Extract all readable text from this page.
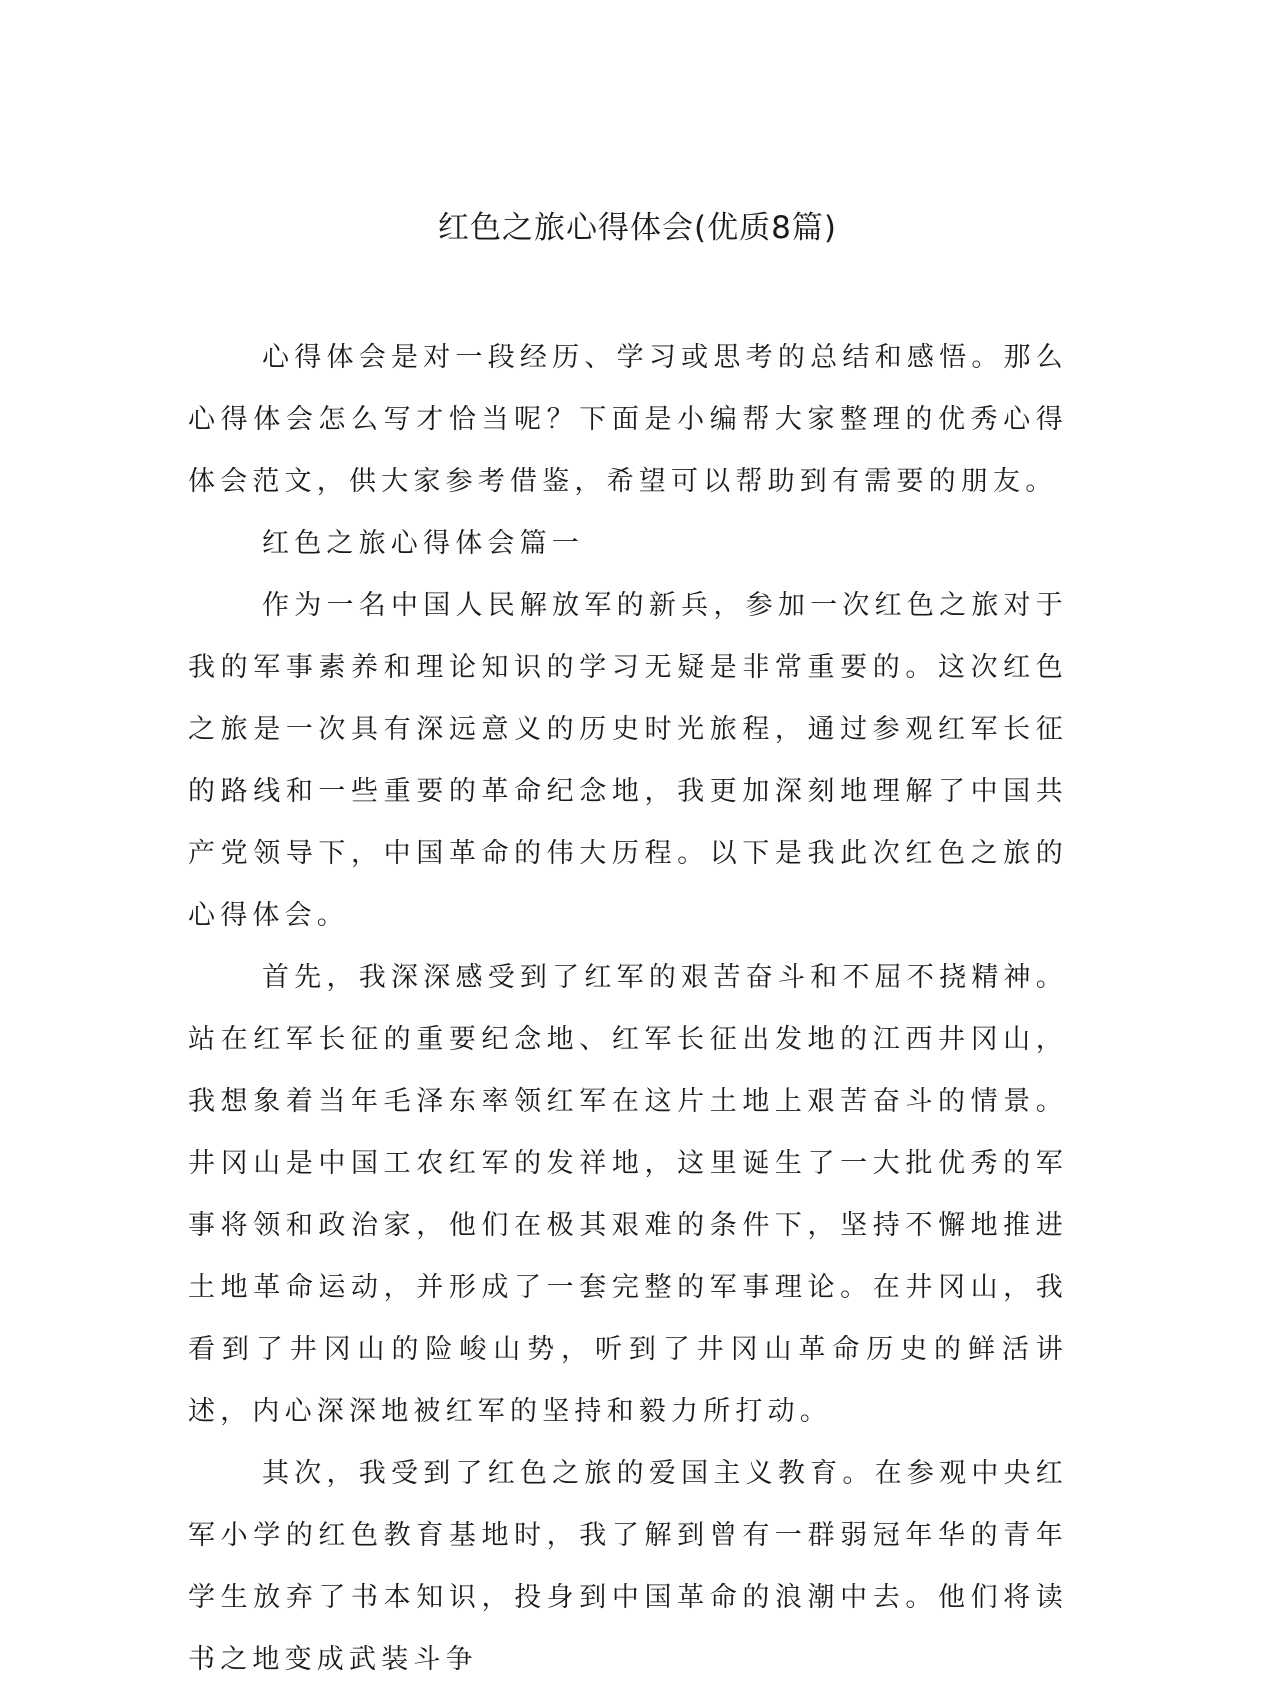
红色之旅心得体会(优质8篇)

心得体会是对一段经历、学习或思考的总结和感悟。那么心得体会怎么写才恰当呢？下面是小编帮大家整理的优秀心得体会范文，供大家参考借鉴，希望可以帮助到有需要的朋友。

红色之旅心得体会篇一

作为一名中国人民解放军的新兵，参加一次红色之旅对于我的军事素养和理论知识的学习无疑是非常重要的。这次红色之旅是一次具有深远意义的历史时光旅程，通过参观红军长征的路线和一些重要的革命纪念地，我更加深刻地理解了中国共产党领导下，中国革命的伟大历程。以下是我此次红色之旅的心得体会。

首先，我深深感受到了红军的艰苦奋斗和不屈不挠精神。站在红军长征的重要纪念地、红军长征出发地的江西井冈山，我想象着当年毛泽东率领红军在这片土地上艰苦奋斗的情景。井冈山是中国工农红军的发祥地，这里诞生了一大批优秀的军事将领和政治家，他们在极其艰难的条件下，坚持不懈地推进土地革命运动，并形成了一套完整的军事理论。在井冈山，我看到了井冈山的险峻山势，听到了井冈山革命历史的鲜活讲述，内心深深地被红军的坚持和毅力所打动。

其次，我受到了红色之旅的爱国主义教育。在参观中央红军小学的红色教育基地时，我了解到曾有一群弱冠年华的青年学生放弃了书本知识，投身到中国革命的浪潮中去。他们将读书之地变成武装斗争
